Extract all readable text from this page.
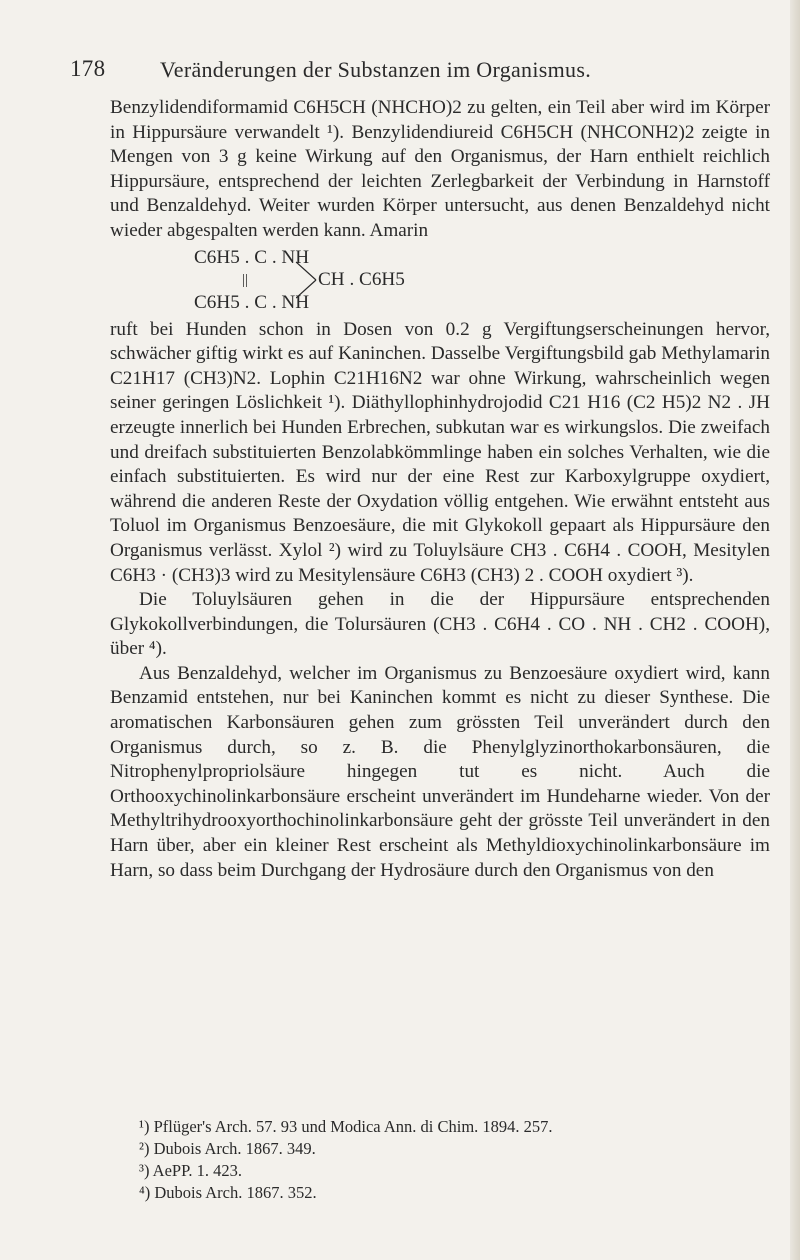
178 Veränderungen der Substanzen im Organismus.

Benzylidendiformamid C6H5CH (NHCHO)2 zu gelten, ein Teil aber wird im Körper in Hippursäure verwandelt ¹). Benzylidendiureid C6H5CH (NHCONH2)2 zeigte in Mengen von 3 g keine Wirkung auf den Organismus, der Harn enthielt reichlich Hippursäure, entsprechend der leichten Zerlegbarkeit der Verbindung in Harnstoff und Benzaldehyd. Weiter wurden Körper untersucht, aus denen Benzaldehyd nicht wieder abgespalten werden kann. Amarin

C6H5 . C . NH
||	CH . C6H5
C6H5 . C . NH

ruft bei Hunden schon in Dosen von 0.2 g Vergiftungserscheinungen hervor, schwächer giftig wirkt es auf Kaninchen. Dasselbe Vergiftungsbild gab Methylamarin C21H17 (CH3)N2. Lophin C21H16N2 war ohne Wirkung, wahrscheinlich wegen seiner geringen Löslichkeit ¹). Diäthyllophinhydrojodid C21 H16 (C2 H5)2 N2 . JH erzeugte innerlich bei Hunden Erbrechen, subkutan war es wirkungslos. Die zweifach und dreifach substituierten Benzolabkömmlinge haben ein solches Verhalten, wie die einfach substituierten. Es wird nur der eine Rest zur Karboxylgruppe oxydiert, während die anderen Reste der Oxydation völlig entgehen. Wie erwähnt entsteht aus Toluol im Organismus Benzoesäure, die mit Glykokoll gepaart als Hippursäure den Organismus verlässt. Xylol ²) wird zu Toluylsäure CH3 . C6H4 . COOH, Mesitylen C6H3 · (CH3)3 wird zu Mesitylensäure C6H3 (CH3) 2 . COOH oxydiert ³).

Die Toluylsäuren gehen in die der Hippursäure entsprechenden Glykokollverbindungen, die Tolursäuren (CH3 . C6H4 . CO . NH . CH2 . COOH), über ⁴).

Aus Benzaldehyd, welcher im Organismus zu Benzoesäure oxydiert wird, kann Benzamid entstehen, nur bei Kaninchen kommt es nicht zu dieser Synthese. Die aromatischen Karbonsäuren gehen zum grössten Teil unverändert durch den Organismus durch, so z. B. die Phenylglyzinorthokarbonsäuren, die Nitrophenylpropriolsäure hingegen tut es nicht. Auch die Orthooxychinolinkarbonsäure erscheint unverändert im Hundeharne wieder. Von der Methyltrihydrooxyorthochinolinkarbonsäure geht der grösste Teil unverändert in den Harn über, aber ein kleiner Rest erscheint als Methyldioxychinolinkarbonsäure im Harn, so dass beim Durchgang der Hydrosäure durch den Organismus von den

¹) Pflüger's Arch. 57. 93 und Modica Ann. di Chim. 1894. 257.
²) Dubois Arch. 1867. 349.
³) AePP. 1. 423.
⁴) Dubois Arch. 1867. 352.
